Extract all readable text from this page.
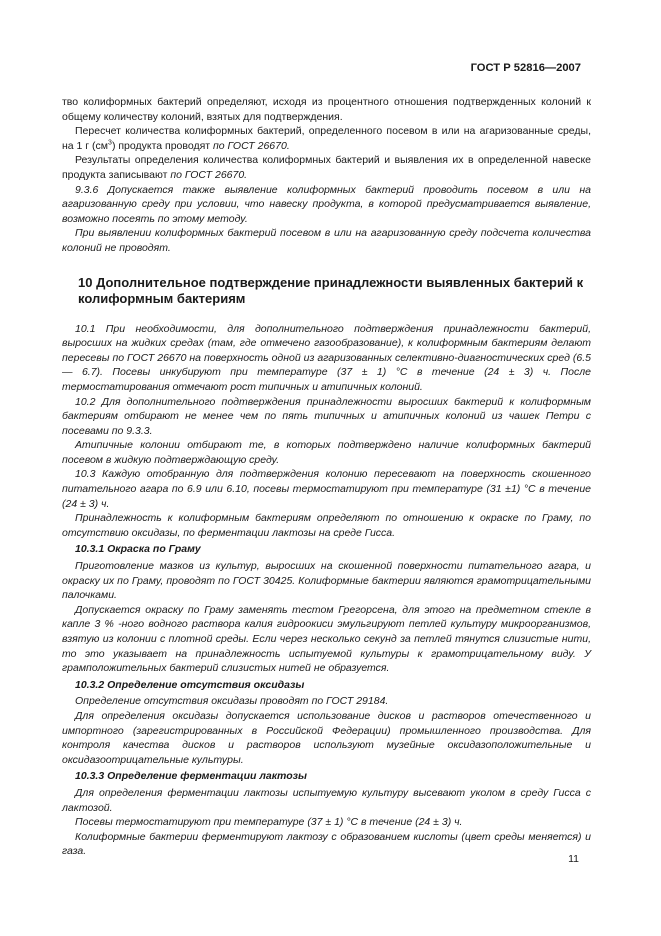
ГОСТ Р 52816—2007

тво колиформных бактерий определяют, исходя из процентного отношения подтвержденных колоний к общему количеству колоний, взятых для подтверждения.

Пересчет количества колиформных бактерий, определенного посевом в или на агаризованные среды, на 1 г $(см^3)$ продукта проводят по ГОСТ 26670.

Результаты определения количества колиформных бактерий и выявления их в определенной навеске продукта записывают по ГОСТ 26670.

9.3.6 Допускается также выявление колиформных бактерий проводить посевом в или на агаризованную среду при условии, что навеску продукта, в которой предусматривается выявление, возможно посеять по этому методу.

При выявлении колиформных бактерий посевом в или на агаризованную среду подсчета количества колоний не проводят.

10 Дополнительное подтверждение принадлежности выявленных бактерий к колиформным бактериям

10.1 При необходимости, для дополнительного подтверждения принадлежности бактерий, выросших на жидких средах (там, где отмечено газообразование), к колиформным бактериям делают пересевы по ГОСТ 26670 на поверхность одной из агаризованных селективно-диагностических сред (6.5 — 6.7). Посевы инкубируют при температуре (37 ± 1) °С в течение (24 ± 3) ч. После термостатирования отмечают рост типичных и атипичных колоний.

10.2 Для дополнительного подтверждения принадлежности выросших бактерий к колиформным бактериям отбирают не менее чем по пять типичных и атипичных колоний из чашек Петри с посевами по 9.3.3.

Атипичные колонии отбирают те, в которых подтверждено наличие колиформных бактерий посевом в жидкую подтверждающую среду.

10.3 Каждую отобранную для подтверждения колонию пересевают на поверхность скошенного питательного агара по 6.9 или 6.10, посевы термостатируют при температуре (31 ±1) °С в течение (24 ± 3) ч.

Принадлежность к колиформным бактериям определяют по отношению к окраске по Граму, по отсутствию оксидазы, по ферментации лактозы на среде Гисса.

10.3.1 Окраска по Граму

Приготовление мазков из культур, выросших на скошенной поверхности питательного агара, и окраску их по Граму, проводят по ГОСТ 30425. Колиформные бактерии являются грамотрицательными палочками.

Допускается окраску по Граму заменять тестом Грегорсена, для этого на предметном стекле в капле 3 % -ного водного раствора калия гидроокиси эмульгируют петлей культуру микроорганизмов, взятую из колонии с плотной среды. Если через несколько секунд за петлей тянутся слизистые нити, то это указывает на принадлежность испытуемой культуры к грамотрицательному виду. У грамположительных бактерий слизистых нитей не образуется.

10.3.2 Определение отсутствия оксидазы

Определение отсутствия оксидазы проводят по ГОСТ 29184.

Для определения оксидазы допускается использование дисков и растворов отечественного и импортного (зарегистрированных в Российской Федерации) промышленного производства. Для контроля качества дисков и растворов используют музейные оксидазоположительные и оксидазоотрицательные культуры.

10.3.3 Определение ферментации лактозы

Для определения ферментации лактозы испытуемую культуру высевают уколом в среду Гисса с лактозой.

Посевы термостатируют при температуре (37 ± 1) °С в течение (24 ± 3) ч.

Колиформные бактерии ферментируют лактозу с образованием кислоты (цвет среды меняется) и газа.

11
